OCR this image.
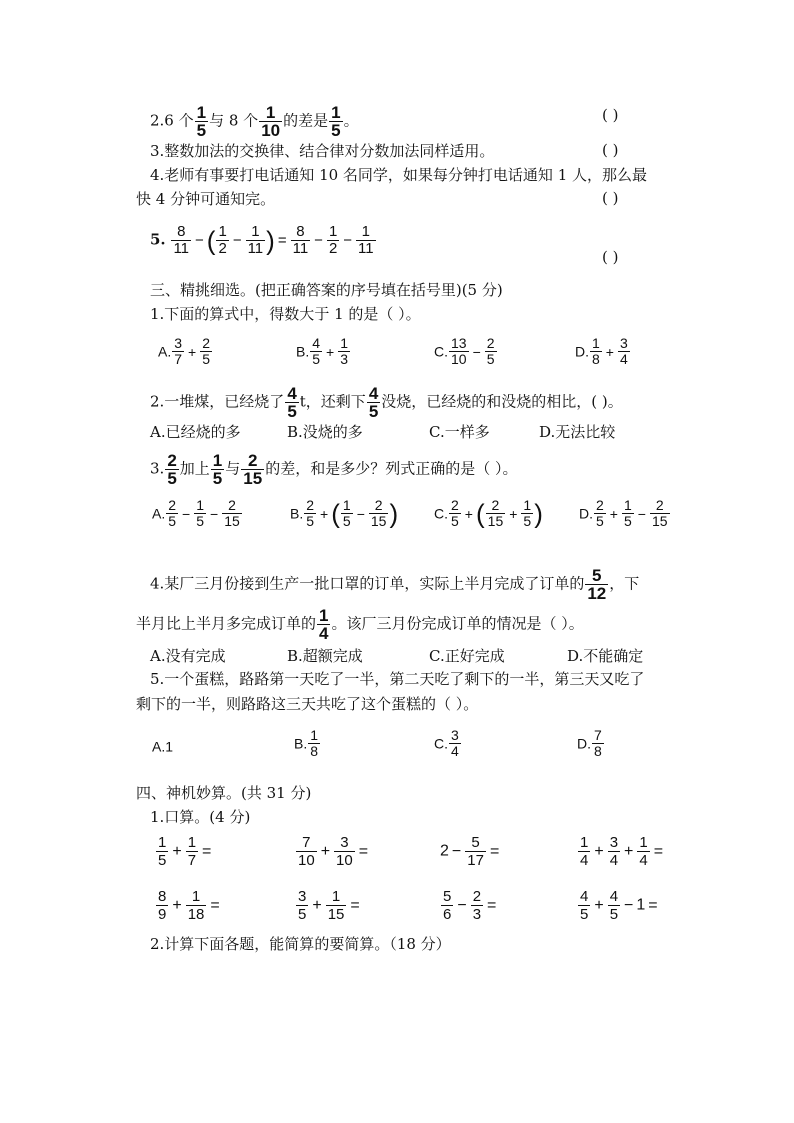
2.6 个 $\frac{1}{5}$ 与 8 个 $\frac{1}{10}$ 的差是 $\frac{1}{5}$ 。	( )
3.整数加法的交换律、结合律对分数加法同样适用。	( )
4.老师有事要打电话通知 10 名同学，如果每分钟打电话通知 1 人，那么最
快 4 分钟可通知完。	( )
5. $\frac{8}{11}$ − ( $\frac{1}{2} - \frac{1}{11}$ ) = $\frac{8}{11} - \frac{1}{2} - \frac{1}{11}$	( )
三、精挑细选。(把正确答案的序号填在括号里)(5 分)
1.下面的算式中，得数大于 1 的是（ ）。
A. $\frac{3}{7} + \frac{2}{5}$	B. $\frac{4}{5} + \frac{1}{3}$	C. $\frac{13}{10} - \frac{2}{5}$	D. $\frac{1}{8} + \frac{3}{4}$
2.一堆煤，已经烧了 $\frac{4}{5}$ t，还剩下 $\frac{4}{5}$ 没烧，已经烧的和没烧的相比，( )。
A.已经烧的多	B.没烧的多	C.一样多	D.无法比较
3. $\frac{2}{5}$ 加上 $\frac{1}{5}$ 与 $\frac{2}{15}$ 的差，和是多少？列式正确的是（ ）。
A. $\frac{2}{5} - \frac{1}{5} - \frac{2}{15}$	B. $\frac{2}{5}$ + ( $\frac{1}{5} - \frac{2}{15}$ )	C. $\frac{2}{5}$ + ( $\frac{2}{15} + \frac{1}{5}$ )	D. $\frac{2}{5} + \frac{1}{5} - \frac{2}{15}$
4.某厂三月份接到生产一批口罩的订单，实际上半月完成了订单的 $\frac{5}{12}$ ，下
半月比上半月多完成订单的 $\frac{1}{4}$ 。该厂三月份完成订单的情况是（ ）。
A.没有完成	B.超额完成	C.正好完成	D.不能确定
5.一个蛋糕，路路第一天吃了一半，第二天吃了剩下的一半，第三天又吃了
剩下的一半，则路路这三天共吃了这个蛋糕的（ ）。
A.1	B. $\frac{1}{8}$	C. $\frac{3}{4}$	D. $\frac{7}{8}$
四、神机妙算。(共 31 分)
1.口算。(4 分)
$\frac{1}{5} + \frac{1}{7}$ =	$\frac{7}{10} + \frac{3}{10}$ =	$2 - \frac{5}{17}$ =	$\frac{1}{4} + \frac{3}{4} + \frac{1}{4}$ =
$\frac{8}{9} + \frac{1}{18}$ =	$\frac{3}{5} + \frac{1}{15}$ =	$\frac{5}{6} - \frac{2}{3}$ =	$\frac{4}{5} + \frac{4}{5} - 1$ =
2.计算下面各题，能简算的要简算。（18 分）
